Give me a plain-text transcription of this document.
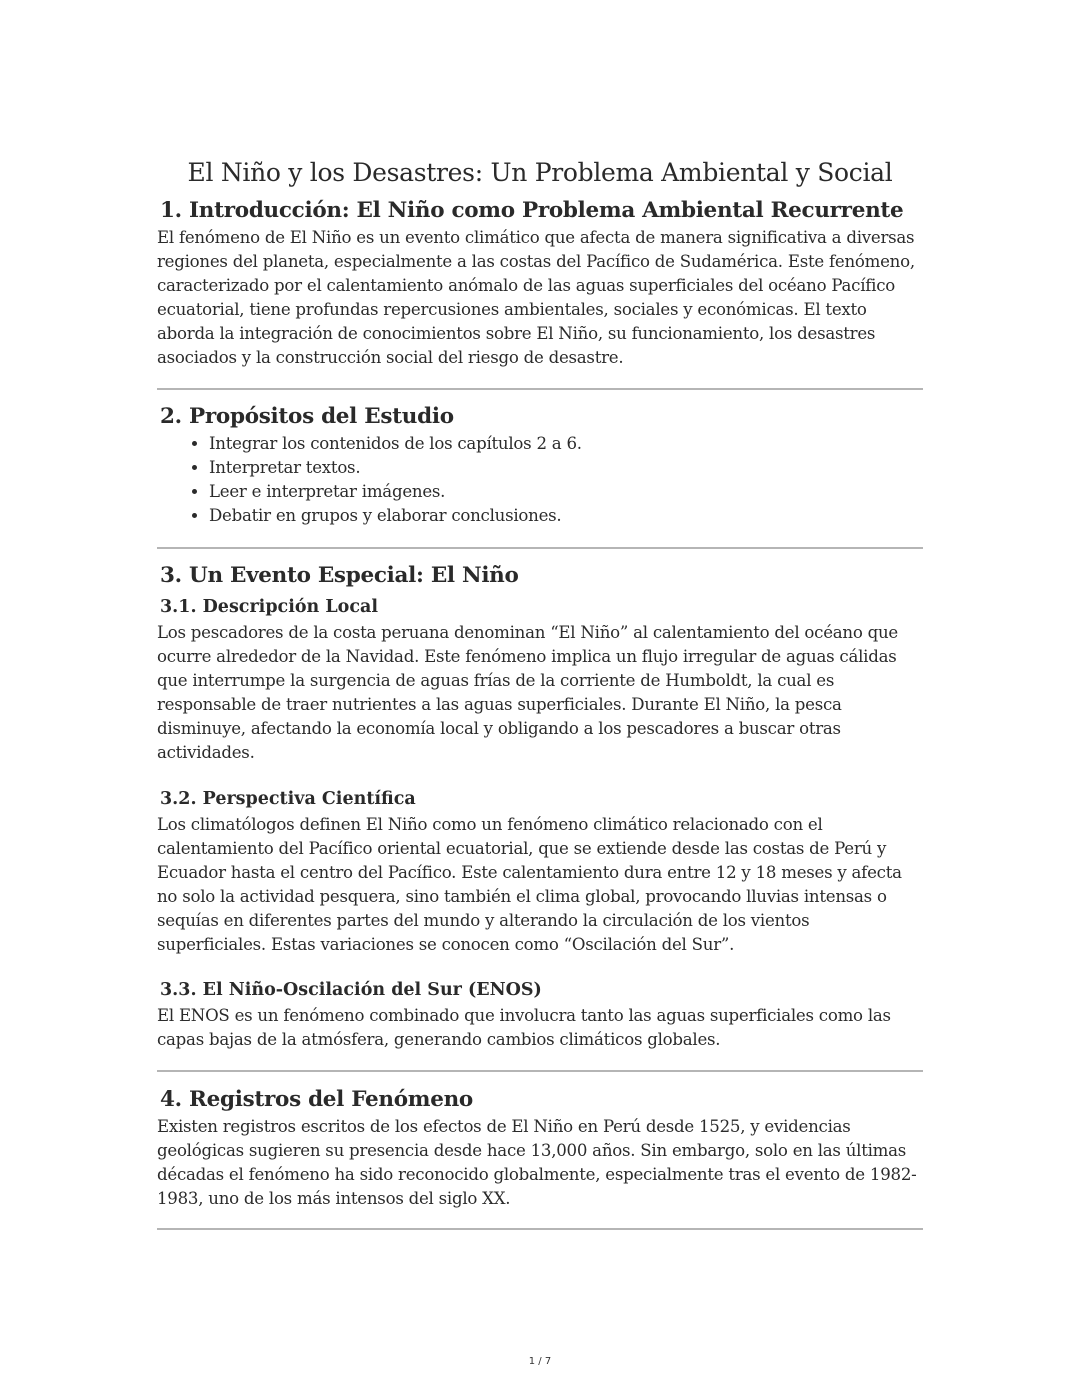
El Niño y los Desastres: Un Problema Ambiental y Social
1. Introducción: El Niño como Problema Ambiental Recurrente

El fenómeno de El Niño es un evento climático que afecta de manera significativa a diversas regiones del planeta, especialmente a las costas del Pacífico de Sudamérica. Este fenómeno, caracterizado por el calentamiento anómalo de las aguas superficiales del océano Pacífico ecuatorial, tiene profundas repercusiones ambientales, sociales y económicas. El texto aborda la integración de conocimientos sobre El Niño, su funcionamiento, los desastres asociados y la construcción social del riesgo de desastre.

2. Propósitos del Estudio
• Integrar los contenidos de los capítulos 2 a 6.
• Interpretar textos.
• Leer e interpretar imágenes.
• Debatir en grupos y elaborar conclusiones.
3. Un Evento Especial: El Niño
3.1. Descripción Local

Los pescadores de la costa peruana denominan “El Niño” al calentamiento del océano que ocurre alrededor de la Navidad. Este fenómeno implica un flujo irregular de aguas cálidas que interrumpe la surgencia de aguas frías de la corriente de Humboldt, la cual es responsable de traer nutrientes a las aguas superficiales. Durante El Niño, la pesca disminuye, afectando la economía local y obligando a los pescadores a buscar otras actividades.

3.2. Perspectiva Científica

Los climatólogos definen El Niño como un fenómeno climático relacionado con el calentamiento del Pacífico oriental ecuatorial, que se extiende desde las costas de Perú y Ecuador hasta el centro del Pacífico. Este calentamiento dura entre 12 y 18 meses y afecta no solo la actividad pesquera, sino también el clima global, provocando lluvias intensas o sequías en diferentes partes del mundo y alterando la circulación de los vientos superficiales. Estas variaciones se conocen como “Oscilación del Sur”.

3.3. El Niño-Oscilación del Sur (ENOS)

El ENOS es un fenómeno combinado que involucra tanto las aguas superficiales como las capas bajas de la atmósfera, generando cambios climáticos globales.

4. Registros del Fenómeno

Existen registros escritos de los efectos de El Niño en Perú desde 1525, y evidencias geológicas sugieren su presencia desde hace 13,000 años. Sin embargo, solo en las últimas décadas el fenómeno ha sido reconocido globalmente, especialmente tras el evento de 1982-1983, uno de los más intensos del siglo XX.

1 / 7
